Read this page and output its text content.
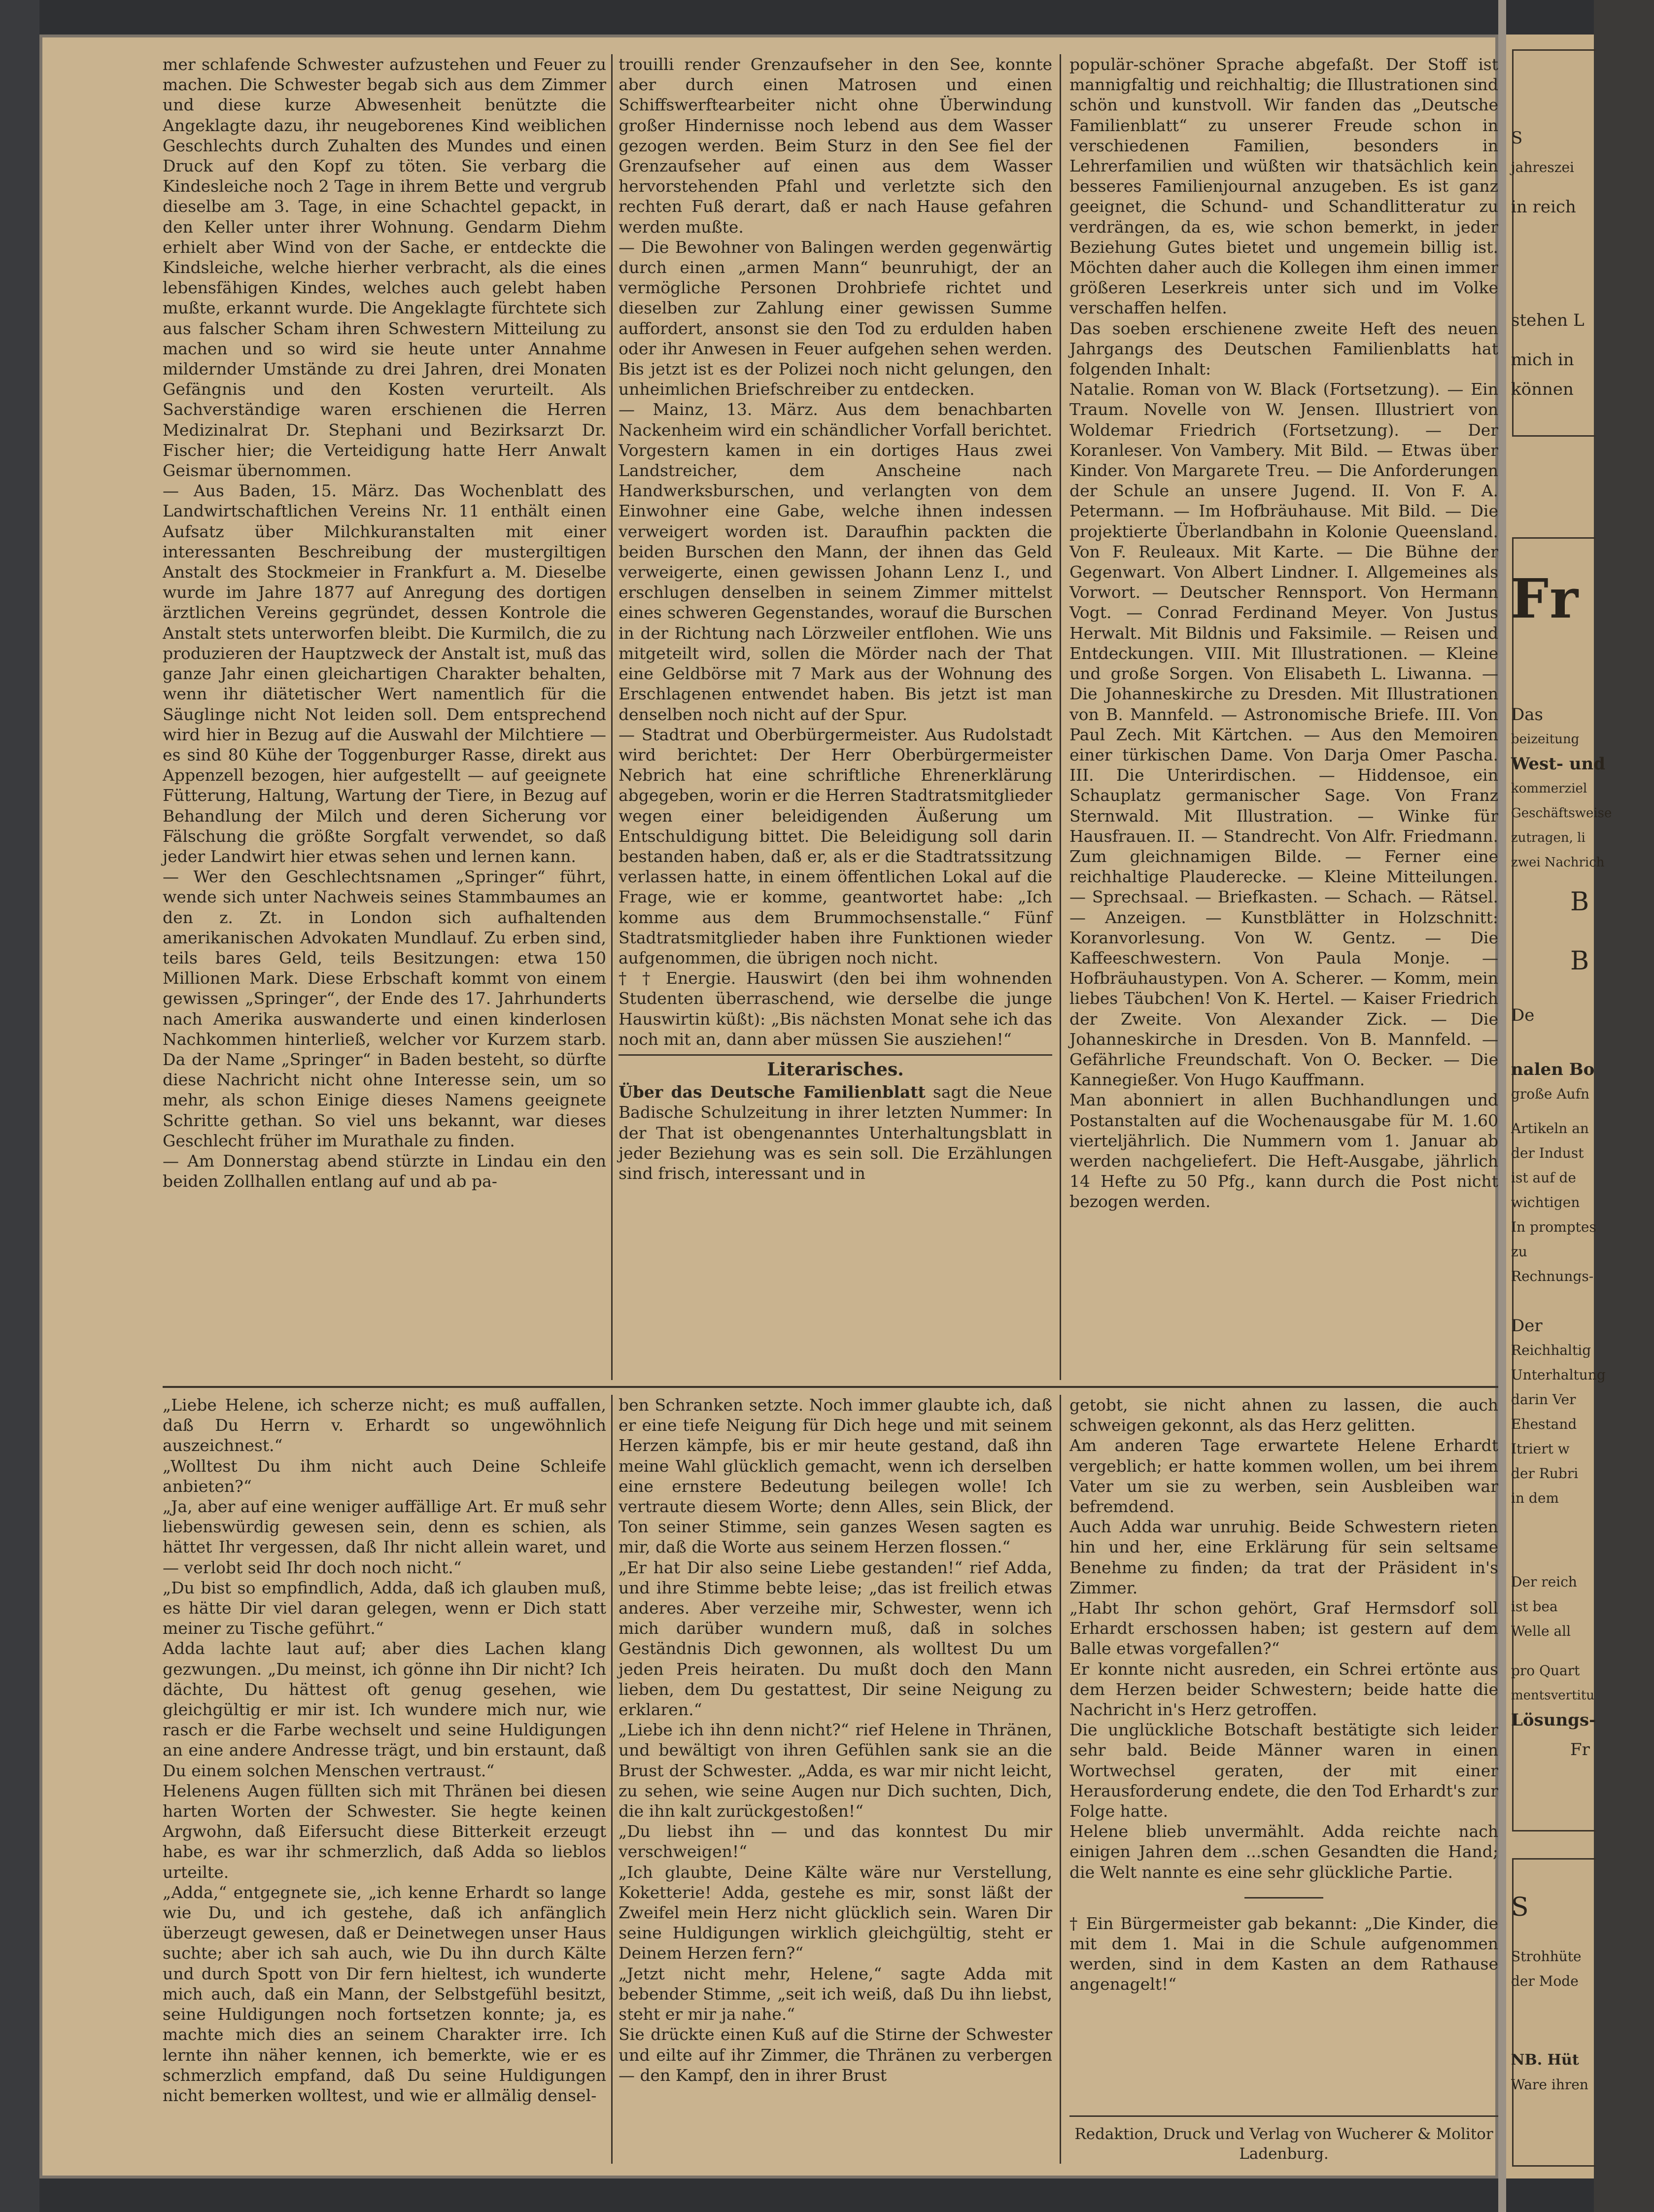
mer schlafende Schwester aufzustehen und Feuer zu machen. Die Schwester begab sich aus dem Zimmer und diese kurze Abwesenheit benützte die Angeklagte dazu, ihr neugeborenes Kind weiblichen Geschlechts durch Zuhalten des Mundes und einen Druck auf den Kopf zu töten. Sie verbarg die Kindesleiche noch 2 Tage in ihrem Bette und vergrub dieselbe am 3. Tage, in eine Schachtel gepackt, in den Keller unter ihrer Wohnung. Gendarm Diehm erhielt aber Wind von der Sache, er entdeckte die Kindsleiche, welche hierher verbracht, als die eines lebensfähigen Kindes, welches auch gelebt haben mußte, erkannt wurde. Die Angeklagte fürchtete sich aus falscher Scham ihren Schwestern Mitteilung zu machen und so wird sie heute unter Annahme mildernder Umstände zu drei Jahren, drei Monaten Gefängnis und den Kosten verurteilt. Als Sachverständige waren erschienen die Herren Medizinalrat Dr. Stephani und Bezirksarzt Dr. Fischer hier; die Verteidigung hatte Herr Anwalt Geismar übernommen.

— Aus Baden, 15. März. Das Wochenblatt des Landwirtschaftlichen Vereins Nr. 11 enthält einen Aufsatz über Milchkuranstalten mit einer interessanten Beschreibung der mustergiltigen Anstalt des Stockmeier in Frankfurt a. M. Dieselbe wurde im Jahre 1877 auf Anregung des dortigen ärztlichen Vereins gegründet, dessen Kontrole die Anstalt stets unterworfen bleibt. Die Kurmilch, die zu produzieren der Hauptzweck der Anstalt ist, muß das ganze Jahr einen gleichartigen Charakter behalten, wenn ihr diätetischer Wert namentlich für die Säuglinge nicht Not leiden soll. Dem entsprechend wird hier in Bezug auf die Auswahl der Milchtiere — es sind 80 Kühe der Toggenburger Rasse, direkt aus Appenzell bezogen, hier aufgestellt — auf geeignete Fütterung, Haltung, Wartung der Tiere, in Bezug auf Behandlung der Milch und deren Sicherung vor Fälschung die größte Sorgfalt verwendet, so daß jeder Landwirt hier etwas sehen und lernen kann.

— Wer den Geschlechtsnamen „Springer“ führt, wende sich unter Nachweis seines Stammbaumes an den z. Zt. in London sich aufhaltenden amerikanischen Advokaten Mundlauf. Zu erben sind, teils bares Geld, teils Besitzungen: etwa 150 Millionen Mark. Diese Erbschaft kommt von einem gewissen „Springer“, der Ende des 17. Jahrhunderts nach Amerika auswanderte und einen kinderlosen Nachkommen hinterließ, welcher vor Kurzem starb. Da der Name „Springer“ in Baden besteht, so dürfte diese Nachricht nicht ohne Interesse sein, um so mehr, als schon Einige dieses Namens geeignete Schritte gethan. So viel uns bekannt, war dieses Geschlecht früher im Murathale zu finden.

— Am Donnerstag abend stürzte in Lindau ein den beiden Zollhallen entlang auf und ab pa-

trouilli render Grenzaufseher in den See, konnte aber durch einen Matrosen und einen Schiffswerftearbeiter nicht ohne Überwindung großer Hindernisse noch lebend aus dem Wasser gezogen werden. Beim Sturz in den See fiel der Grenzaufseher auf einen aus dem Wasser hervorstehenden Pfahl und verletzte sich den rechten Fuß derart, daß er nach Hause gefahren werden mußte.

— Die Bewohner von Balingen werden gegenwärtig durch einen „armen Mann“ beunruhigt, der an vermögliche Personen Drohbriefe richtet und dieselben zur Zahlung einer gewissen Summe auffordert, ansonst sie den Tod zu erdulden haben oder ihr Anwesen in Feuer aufgehen sehen werden. Bis jetzt ist es der Polizei noch nicht gelungen, den unheimlichen Briefschreiber zu entdecken.

— Mainz, 13. März. Aus dem benachbarten Nackenheim wird ein schändlicher Vorfall berichtet. Vorgestern kamen in ein dortiges Haus zwei Landstreicher, dem Anscheine nach Handwerksburschen, und verlangten von dem Einwohner eine Gabe, welche ihnen indessen verweigert worden ist. Daraufhin packten die beiden Burschen den Mann, der ihnen das Geld verweigerte, einen gewissen Johann Lenz I., und erschlugen denselben in seinem Zimmer mittelst eines schweren Gegenstandes, worauf die Burschen in der Richtung nach Lörzweiler entflohen. Wie uns mitgeteilt wird, sollen die Mörder nach der That eine Geldbörse mit 7 Mark aus der Wohnung des Erschlagenen entwendet haben. Bis jetzt ist man denselben noch nicht auf der Spur.

— Stadtrat und Oberbürgermeister. Aus Rudolstadt wird berichtet: Der Herr Oberbürgermeister Nebrich hat eine schriftliche Ehrenerklärung abgegeben, worin er die Herren Stadtratsmitglieder wegen einer beleidigenden Äußerung um Entschuldigung bittet. Die Beleidigung soll darin bestanden haben, daß er, als er die Stadtratssitzung verlassen hatte, in einem öffentlichen Lokal auf die Frage, wie er komme, geantwortet habe: „Ich komme aus dem Brummochsenstalle.“ Fünf Stadtratsmitglieder haben ihre Funktionen wieder aufgenommen, die übrigen noch nicht.

† † Energie. Hauswirt (den bei ihm wohnenden Studenten überraschend, wie derselbe die junge Hauswirtin küßt): „Bis nächsten Monat sehe ich das noch mit an, dann aber müssen Sie ausziehen!“

Literarisches.

Über das Deutsche Familienblatt sagt die Neue Badische Schulzeitung in ihrer letzten Nummer: In der That ist obengenanntes Unterhaltungsblatt in jeder Beziehung was es sein soll. Die Erzählungen sind frisch, interessant und in

populär-schöner Sprache abgefaßt. Der Stoff ist mannigfaltig und reichhaltig; die Illustrationen sind schön und kunstvoll. Wir fanden das „Deutsche Familienblatt“ zu unserer Freude schon in verschiedenen Familien, besonders in Lehrerfamilien und wüßten wir thatsächlich kein besseres Familienjournal anzugeben. Es ist ganz geeignet, die Schund- und Schandlitteratur zu verdrängen, da es, wie schon bemerkt, in jeder Beziehung Gutes bietet und ungemein billig ist. Möchten daher auch die Kollegen ihm einen immer größeren Leserkreis unter sich und im Volke verschaffen helfen.

Das soeben erschienene zweite Heft des neuen Jahrgangs des Deutschen Familienblatts hat folgenden Inhalt:

Natalie. Roman von W. Black (Fortsetzung). — Ein Traum. Novelle von W. Jensen. Illustriert von Woldemar Friedrich (Fortsetzung). — Der Koranleser. Von Vambery. Mit Bild. — Etwas über Kinder. Von Margarete Treu. — Die Anforderungen der Schule an unsere Jugend. II. Von F. A. Petermann. — Im Hofbräuhause. Mit Bild. — Die projektierte Überlandbahn in Kolonie Queensland. Von F. Reuleaux. Mit Karte. — Die Bühne der Gegenwart. Von Albert Lindner. I. Allgemeines als Vorwort. — Deutscher Rennsport. Von Hermann Vogt. — Conrad Ferdinand Meyer. Von Justus Herwalt. Mit Bildnis und Faksimile. — Reisen und Entdeckungen. VIII. Mit Illustrationen. — Kleine und große Sorgen. Von Elisabeth L. Liwanna. — Die Johanneskirche zu Dresden. Mit Illustrationen von B. Mannfeld. — Astronomische Briefe. III. Von Paul Zech. Mit Kärtchen. — Aus den Memoiren einer türkischen Dame. Von Darja Omer Pascha. III. Die Unterirdischen. — Hiddensoe, ein Schauplatz germanischer Sage. Von Franz Sternwald. Mit Illustration. — Winke für Hausfrauen. II. — Standrecht. Von Alfr. Friedmann. Zum gleichnamigen Bilde. — Ferner eine reichhaltige Plauderecke. — Kleine Mitteilungen. — Sprechsaal. — Briefkasten. — Schach. — Rätsel. — Anzeigen. — Kunstblätter in Holzschnitt: Koranvorlesung. Von W. Gentz. — Die Kaffeeschwestern. Von Paula Monje. — Hofbräuhaustypen. Von A. Scherer. — Komm, mein liebes Täubchen! Von K. Hertel. — Kaiser Friedrich der Zweite. Von Alexander Zick. — Die Johanneskirche in Dresden. Von B. Mannfeld. — Gefährliche Freundschaft. Von O. Becker. — Die Kannegießer. Von Hugo Kauffmann.

Man abonniert in allen Buchhandlungen und Postanstalten auf die Wochenausgabe für M. 1.60 vierteljährlich. Die Nummern vom 1. Januar ab werden nachgeliefert. Die Heft-Ausgabe, jährlich 14 Hefte zu 50 Pfg., kann durch die Post nicht bezogen werden.

„Liebe Helene, ich scherze nicht; es muß auffallen, daß Du Herrn v. Erhardt so ungewöhnlich auszeichnest.“

„Wolltest Du ihm nicht auch Deine Schleife anbieten?“

„Ja, aber auf eine weniger auffällige Art. Er muß sehr liebenswürdig gewesen sein, denn es schien, als hättet Ihr vergessen, daß Ihr nicht allein waret, und — verlobt seid Ihr doch noch nicht.“

„Du bist so empfindlich, Adda, daß ich glauben muß, es hätte Dir viel daran gelegen, wenn er Dich statt meiner zu Tische geführt.“

Adda lachte laut auf; aber dies Lachen klang gezwungen. „Du meinst, ich gönne ihn Dir nicht? Ich dächte, Du hättest oft genug gesehen, wie gleichgültig er mir ist. Ich wundere mich nur, wie rasch er die Farbe wechselt und seine Huldigungen an eine andere Andresse trägt, und bin erstaunt, daß Du einem solchen Menschen vertraust.“

Helenens Augen füllten sich mit Thränen bei diesen harten Worten der Schwester. Sie hegte keinen Argwohn, daß Eifersucht diese Bitterkeit erzeugt habe, es war ihr schmerzlich, daß Adda so lieblos urteilte.

„Adda,“ entgegnete sie, „ich kenne Erhardt so lange wie Du, und ich gestehe, daß ich anfänglich überzeugt gewesen, daß er Deinetwegen unser Haus suchte; aber ich sah auch, wie Du ihn durch Kälte und durch Spott von Dir fern hieltest, ich wunderte mich auch, daß ein Mann, der Selbstgefühl besitzt, seine Huldigungen noch fortsetzen konnte; ja, es machte mich dies an seinem Charakter irre. Ich lernte ihn näher kennen, ich bemerkte, wie er es schmerzlich empfand, daß Du seine Huldigungen nicht bemerken wolltest, und wie er allmälig densel-

ben Schranken setzte. Noch immer glaubte ich, daß er eine tiefe Neigung für Dich hege und mit seinem Herzen kämpfe, bis er mir heute gestand, daß ihn meine Wahl glücklich gemacht, wenn ich derselben eine ernstere Bedeutung beilegen wolle! Ich vertraute diesem Worte; denn Alles, sein Blick, der Ton seiner Stimme, sein ganzes Wesen sagten es mir, daß die Worte aus seinem Herzen flossen.“

„Er hat Dir also seine Liebe gestanden!“ rief Adda, und ihre Stimme bebte leise; „das ist freilich etwas anderes. Aber verzeihe mir, Schwester, wenn ich mich darüber wundern muß, daß in solches Geständnis Dich gewonnen, als wolltest Du um jeden Preis heiraten. Du mußt doch den Mann lieben, dem Du gestattest, Dir seine Neigung zu erklaren.“

„Liebe ich ihn denn nicht?“ rief Helene in Thränen, und bewältigt von ihren Gefühlen sank sie an die Brust der Schwester. „Adda, es war mir nicht leicht, zu sehen, wie seine Augen nur Dich suchten, Dich, die ihn kalt zurückgestoßen!“

„Du liebst ihn — und das konntest Du mir verschweigen!“

„Ich glaubte, Deine Kälte wäre nur Verstellung, Koketterie! Adda, gestehe es mir, sonst läßt der Zweifel mein Herz nicht glücklich sein. Waren Dir seine Huldigungen wirklich gleichgültig, steht er Deinem Herzen fern?“

„Jetzt nicht mehr, Helene,“ sagte Adda mit bebender Stimme, „seit ich weiß, daß Du ihn liebst, steht er mir ja nahe.“

Sie drückte einen Kuß auf die Stirne der Schwester und eilte auf ihr Zimmer, die Thränen zu verbergen — den Kampf, den in ihrer Brust

getobt, sie nicht ahnen zu lassen, die auch schweigen gekonnt, als das Herz gelitten.

Am anderen Tage erwartete Helene Erhardt vergeblich; er hatte kommen wollen, um bei ihrem Vater um sie zu werben, sein Ausbleiben war befremdend.

Auch Adda war unruhig. Beide Schwestern rieten hin und her, eine Erklärung für sein seltsame Benehme zu finden; da trat der Präsident in's Zimmer.

„Habt Ihr schon gehört, Graf Hermsdorf soll Erhardt erschossen haben; ist gestern auf dem Balle etwas vorgefallen?“

Er konnte nicht ausreden, ein Schrei ertönte aus dem Herzen beider Schwestern; beide hatte die Nachricht in's Herz getroffen.

Die unglückliche Botschaft bestätigte sich leider sehr bald. Beide Männer waren in einen Wortwechsel geraten, der mit einer Herausforderung endete, die den Tod Erhardt's zur Folge hatte.

Helene blieb unvermählt. Adda reichte nach einigen Jahren dem ...schen Gesandten die Hand; die Welt nannte es eine sehr glückliche Partie.

† Ein Bürgermeister gab bekannt: „Die Kinder, die mit dem 1. Mai in die Schule aufgenommen werden, sind in dem Kasten an dem Rathause angenagelt!“

Redaktion, Druck und Verlag von Wucherer & Molitor
Ladenburg.
S
jahreszei
in reich
stehen L
mich in
können
Fr
Das
beizeitung
West- und
kommerziel
Geschäftsweise
zutragen, li
zwei Nachrich
B
B
De
nalen Bo
große Aufn
Artikeln an
der Indust
ist auf de
wichtigen
In promptes
zu
Rechnungs-
Der
Reichhaltig
Unterhaltung
darin Ver
Ehestand
Itriert w
der Rubri
in dem
Der reich
ist bea
Welle all
pro Quart
mentsvertitu
Lösungs-
Fr
S
Strohhüte
der Mode
NB. Hüt
Ware ihren
